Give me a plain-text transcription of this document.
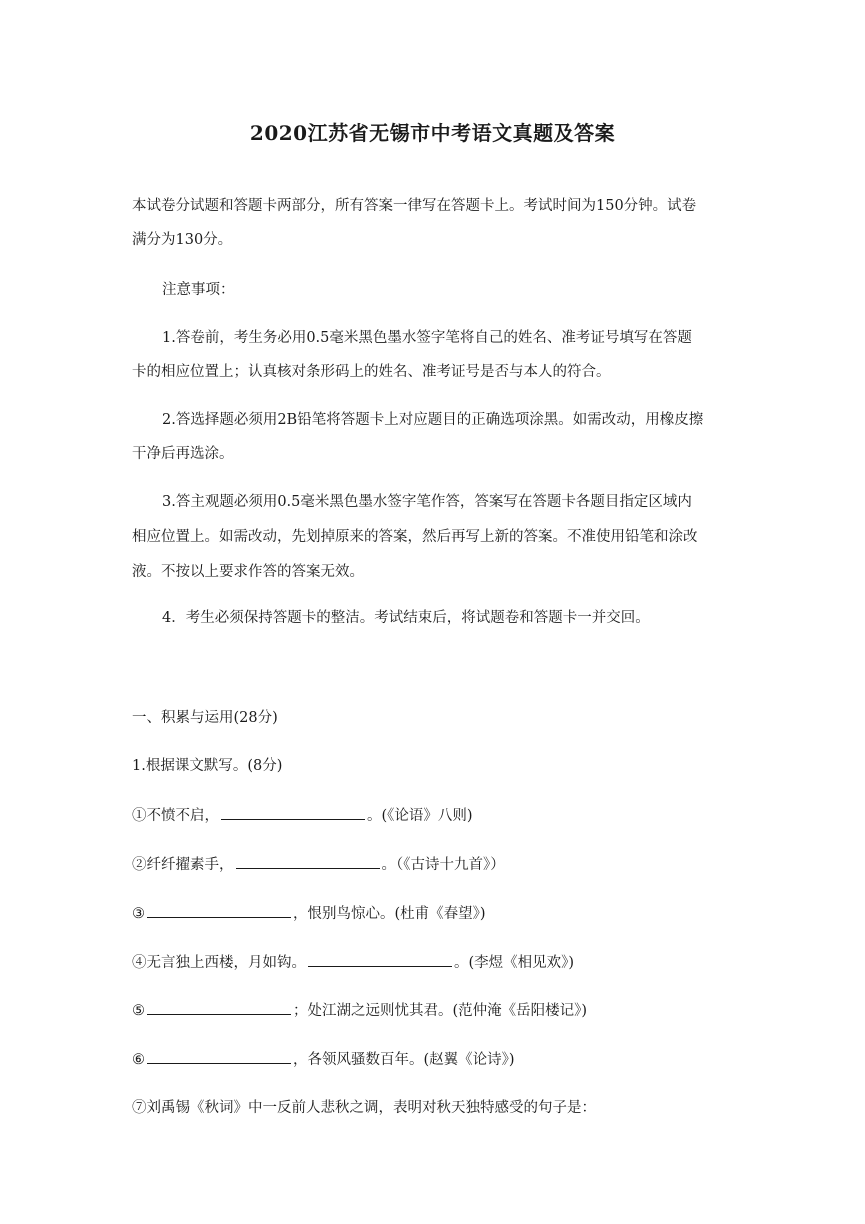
2020江苏省无锡市中考语文真题及答案
本试卷分试题和答题卡两部分，所有答案一律写在答题卡上。考试时间为150分钟。试卷
满分为130分。
注意事项：
1.答卷前，考生务必用0.5毫米黑色墨水签字笔将自己的姓名、准考证号填写在答题
卡的相应位置上；认真核对条形码上的姓名、准考证号是否与本人的符合。
2.答选择题必须用2B铅笔将答题卡上对应题目的正确选项涂黑。如需改动，用橡皮擦
干净后再选涂。
3.答主观题必须用0.5毫米黑色墨水签字笔作答，答案写在答题卡各题目指定区域内
相应位置上。如需改动，先划掉原来的答案，然后再写上新的答案。不准使用铅笔和涂改
液。不按以上要求作答的答案无效。
4．考生必须保持答题卡的整洁。考试结束后，将试题卷和答题卡一并交回。
一、积累与运用(28分)
1.根据课文默写。(8分)
①不愤不启，	。(《论语》八则)
②纤纤擢素手，	。（《古诗十九首》）
③	，恨别鸟惊心。(杜甫《春望》)
④无言独上西楼，月如钩。	。(李煜《相见欢》)
⑤	；处江湖之远则忧其君。(范仲淹《岳阳楼记》)
⑥	，各领风骚数百年。(赵翼《论诗》)
⑦刘禹锡《秋词》中一反前人悲秋之调，表明对秋天独特感受的句子是：
